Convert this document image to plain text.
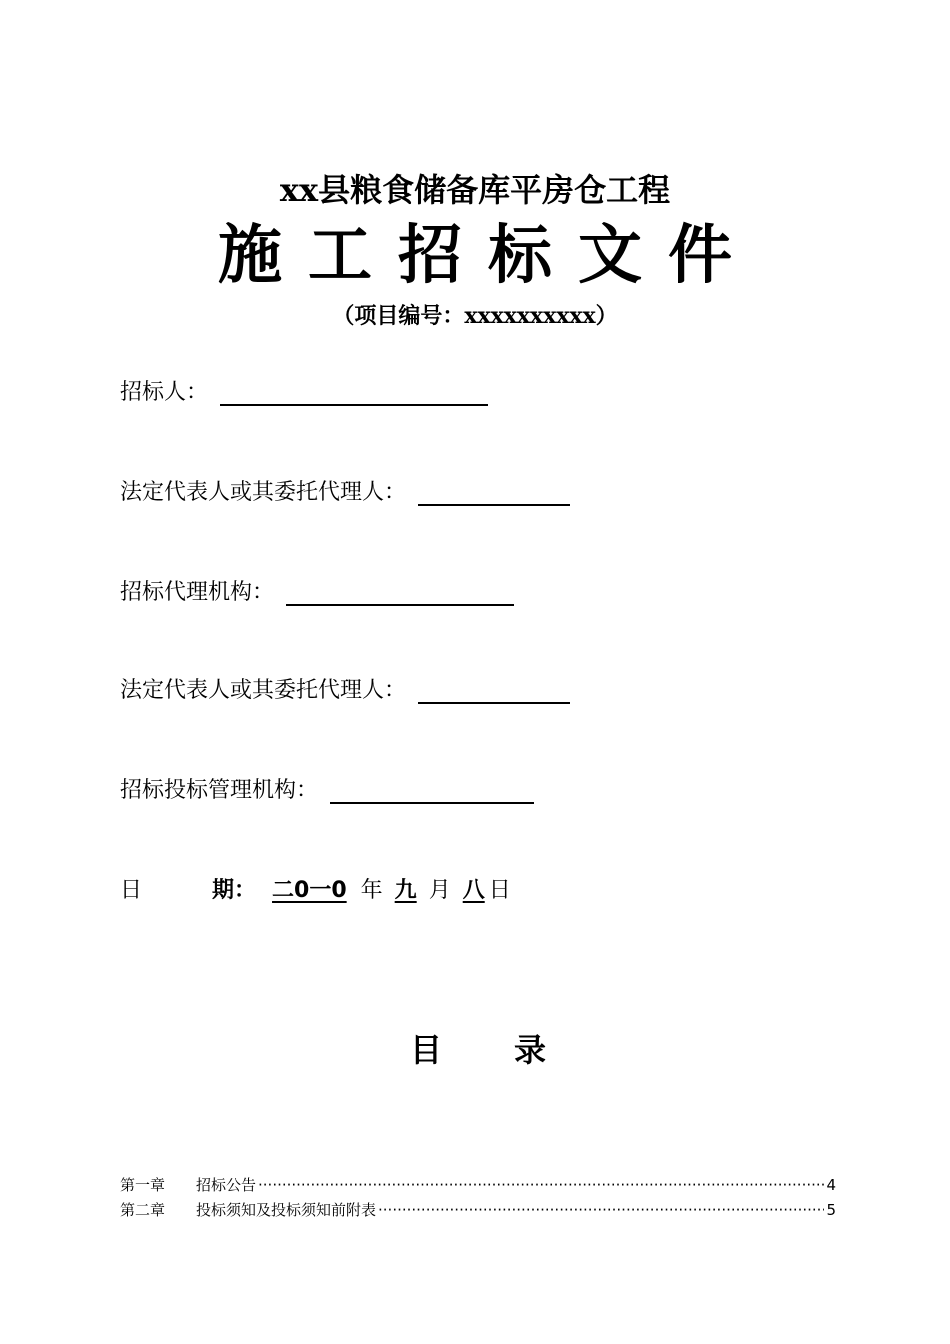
xx县粮食储备库平房仓工程
施工招标文件
（项目编号：xxxxxxxxxx）
招标人：
法定代表人或其委托代理人：
招标代理机构：
法定代表人或其委托代理人：
招标投标管理机构：
日	期： 二0一0 年 九 月 八 日
目 录
第一章	招标公告 ·····	4
第二章	投标须知及投标须知前附表 ·····	5
